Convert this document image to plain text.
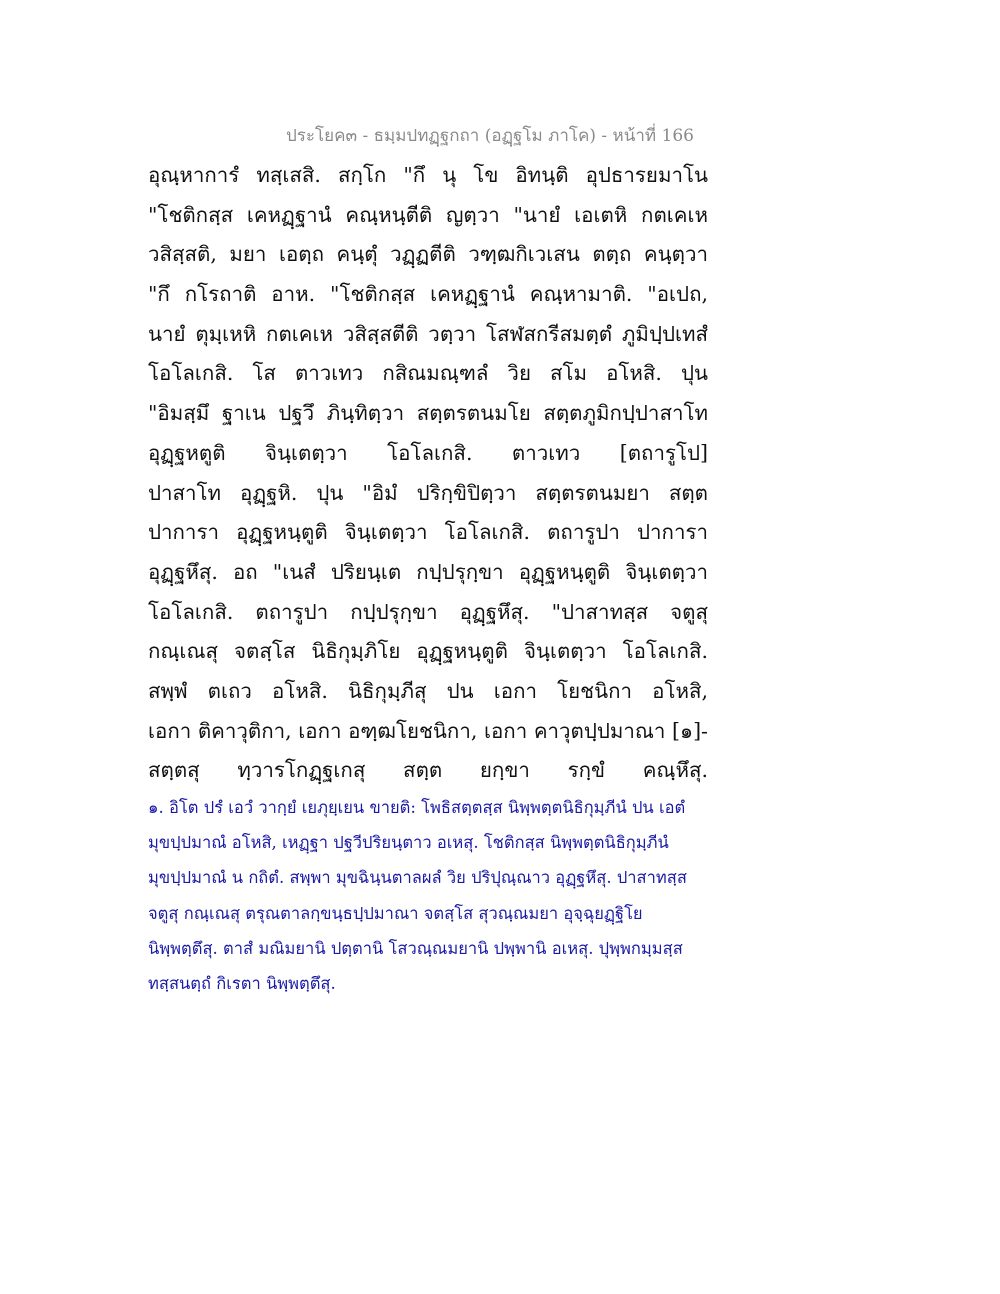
ประโยค๓ - ธมฺมปทฏฺฐกถา (อฏฺฐโม ภาโค) - หน้าที่ 166
อุณฺหาการํ ทสฺเสสิ. สกฺโก "กึ นุ โข อิทนฺติ อุปธารยมาโน
"โชติกสฺส เคหฏฺฐานํ คณฺหนฺตีติ ญตฺวา "นายํ เอเตหิ กตเคเห
วสิสฺสติ, มยา เอตฺถ คนฺตุํ วฏฺฏตีติ วฑฺฒกิเวเสน ตตฺถ คนฺตฺวา
"กึ กโรถาติ อาห. "โชติกสฺส เคหฏฺฐานํ คณฺหามาติ. "อเปถ,
นายํ ตุมฺเหหิ กตเคเห วสิสฺสตีติ วตฺวา โสฬสกรีสมตฺตํ ภูมิปฺปเทสํ
โอโลเกสิ. โส ตาวเทว กสิณมณฺฑลํ วิย สโม อโหสิ. ปุน
"อิมสฺมึ ฐาเน ปฐวึ ภินฺทิตฺวา สตฺตรตนมโย สตฺตภูมิกปฺปาสาโท
อุฏฺฐหตูติ จินฺเตตฺวา โอโลเกสิ. ตาวเทว [ตถารูโป]
ปาสาโท อุฏฺฐหิ. ปุน "อิมํ ปริกฺขิปิตฺวา สตฺตรตนมยา สตฺต
ปาการา อุฏฺฐหนฺตูติ จินฺเตตฺวา โอโลเกสิ. ตถารูปา ปาการา
อุฏฺฐหึสุ. อถ "เนสํ ปริยนฺเต กปฺปรุกฺขา อุฏฺฐหนฺตูติ จินฺเตตฺวา
โอโลเกสิ. ตถารูปา กปฺปรุกฺขา อุฏฺฐหึสุ. "ปาสาทสฺส จตูสุ
กณฺเณสุ จตสฺโส นิธิกุมฺภิโย อุฏฺฐหนฺตูติ จินฺเตตฺวา โอโลเกสิ.
สพฺพํ ตเถว อโหสิ. นิธิกุมฺภีสุ ปน เอกา โยชนิกา อโหสิ,
เอกา ติคาวุติกา, เอกา อฑฺฒโยชนิกา, เอกา คาวุตปฺปมาณา [๑]-
สตฺตสุ ทฺวารโกฏฺฐเกสุ สตฺต ยกฺขา รกฺขํ คณฺหึสุ.
๑. อิโต ปรํ เอวํ วากฺยํ เยภุยฺเยน ขายติ: โพธิสตฺตสฺส นิพฺพตฺตนิธิกุมฺภีนํ ปน เอตํ
มุขปฺปมาณํ อโหสิ, เหฏฺฐา ปฐวีปริยนฺตาว อเหสุ. โชติกสฺส นิพฺพตฺตนิธิกุมฺภีนํ
มุขปฺปมาณํ น กถิตํ. สพฺพา มุขฉินฺนตาลผลํ วิย ปริปุณฺณาว อุฏฺฐหึสุ. ปาสาทสฺส
จตูสุ กณฺเณสุ ตรุณตาลกฺขนฺธปฺปมาณา จตสฺโส สุวณฺณมยา อุจฺฉุยฏฺฐิโย
นิพฺพตฺตึสุ. ตาสํ มณิมยานิ ปตฺตานิ โสวณฺณมยานิ ปพฺพานิ อเหสุ. ปุพฺพกมฺมสฺส
ทสฺสนตฺถํ กิเรตา นิพฺพตฺตึสุ.
